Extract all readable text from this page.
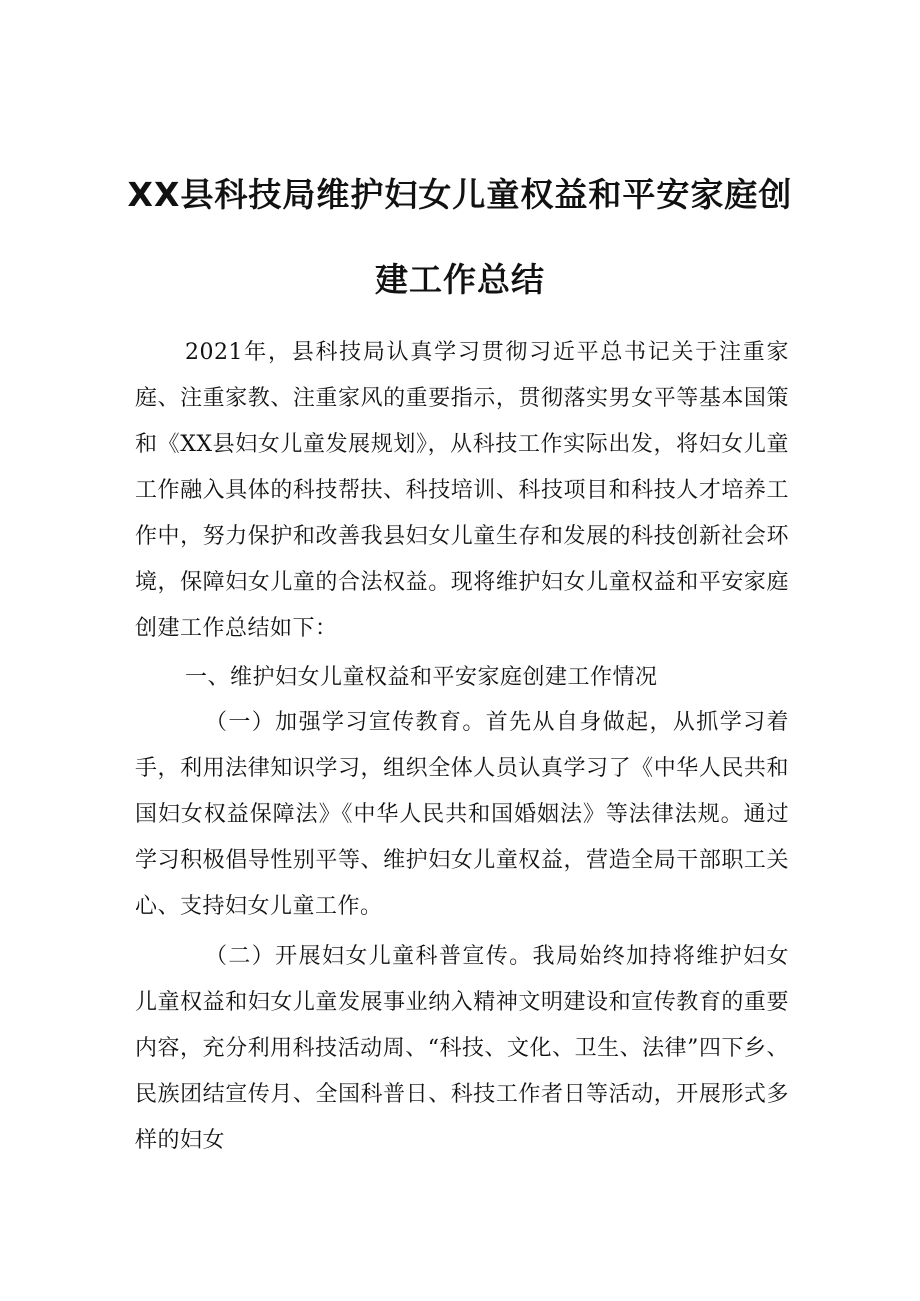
XX县科技局维护妇女儿童权益和平安家庭创
建工作总结

2021年，县科技局认真学习贯彻习近平总书记关于注重家庭、注重家教、注重家风的重要指示，贯彻落实男女平等基本国策和《XX县妇女儿童发展规划》，从科技工作实际出发，将妇女儿童工作融入具体的科技帮扶、科技培训、科技项目和科技人才培养工作中，努力保护和改善我县妇女儿童生存和发展的科技创新社会环境，保障妇女儿童的合法权益。现将维护妇女儿童权益和平安家庭创建工作总结如下：

一、维护妇女儿童权益和平安家庭创建工作情况

（一）加强学习宣传教育。首先从自身做起，从抓学习着手，利用法律知识学习，组织全体人员认真学习了《中华人民共和国妇女权益保障法》《中华人民共和国婚姻法》等法律法规。通过学习积极倡导性别平等、维护妇女儿童权益，营造全局干部职工关心、支持妇女儿童工作。

（二）开展妇女儿童科普宣传。我局始终加持将维护妇女儿童权益和妇女儿童发展事业纳入精神文明建设和宣传教育的重要内容，充分利用科技活动周、“科技、文化、卫生、法律”四下乡、民族团结宣传月、全国科普日、科技工作者日等活动，开展形式多样的妇女
